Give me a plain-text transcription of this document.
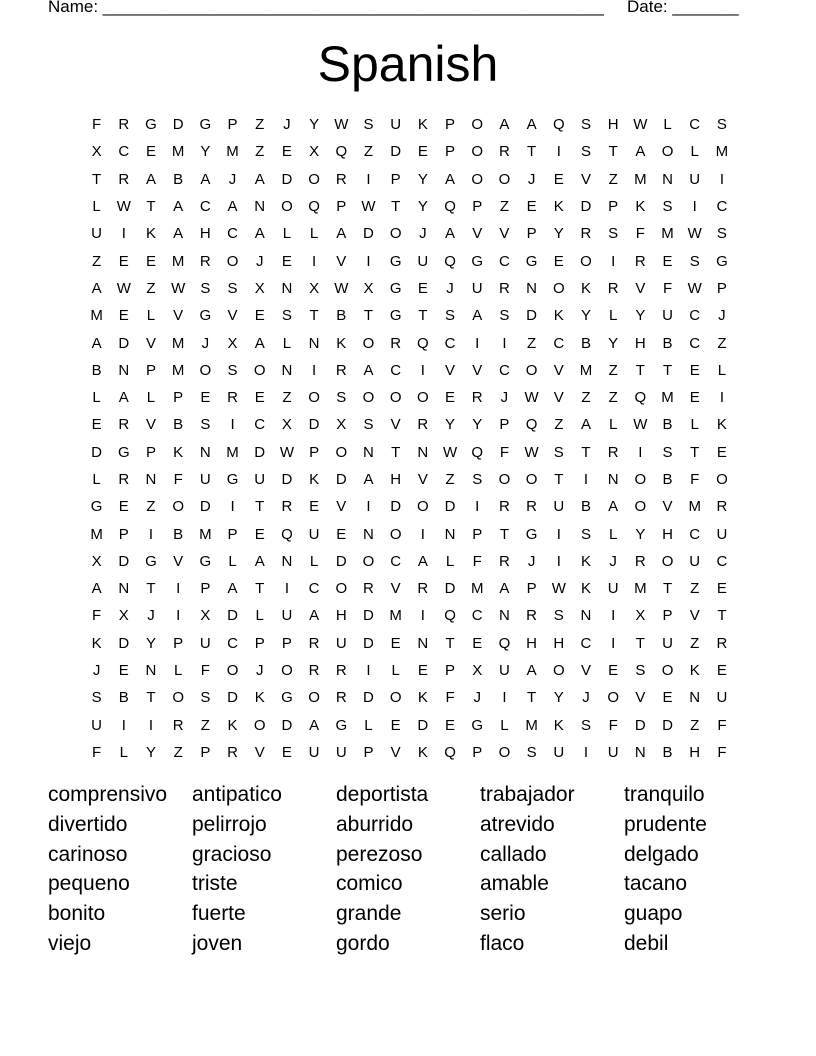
Name: _____________________________________________________ Date: _______
Spanish
F	R	G	D	G	P	Z	J	Y	W	S	U	K	P	O	A	A	Q	S	H W	L	C	S
X	C	E	M	Y	M	Z	E	X	Q	Z	D	E	P	O	R	T	I	S	T	A	O	L	M
T	R	A	B	A	J	A	D	O	R	I	P	Y	A	O	O	J	E	V	Z	M	N	U	I
L	W	T	A	C	A	N	O	Q	P	W	T	Y	Q	P	Z	E	K	D	P	K	S	I	C
U	I	K	A	H	C	A	L	L	A	D	O	J	A	V	V	P	Y	R	S	F	M W	S
Z	E	E	M	R	O	J	E	I	V	I	G	U	Q	G	C	G	E	O	I	R	E	S	G
A	W	Z	W	S	S	X	N	X	W	X	G	E	J	U	R	N	O	K	R	V	F	W	P
M	E	L	V	G	V	E	S	T	B	T	G	T	S	A	S	D	K	Y	L	Y	U	C	J
A	D	V	M	J	X	A	L	N	K	O	R	Q	C	I	I	Z	C	B	Y	H	B	C	Z
B	N	P	M	O	S	O	N	I	R	A	C	I	V	V	C	O	V	M	Z	T	T	E	L
L	A	L	P	E	R	E	Z	O	S	O	O	O	E	R	J	W	V	Z	Z	Q	M	E	I
E	R	V	B	S	I	C	X	D	X	S	V	R	Y	Y	P	Q	Z	A	L	W	B	L	K
D	G	P	K	N	M	D W	P	O	N	T	N W Q	F	W	S	T	R	I	S	T	E
L	R	N	F	U	G	U	D	K	D	A	H	V	Z	S	O	O	T	I	N	O	B	F	O
G	E	Z	O	D	I	T	R	E	V	I	D	O	D	I	R	R	U	B	A	O	V	M	R
M	P	I	B	M	P	E	Q	U	E	N	O	I	N	P	T	G	I	S	L	Y	H	C	U
X	D	G	V	G	L	A	N	L	D	O	C	A	L	F	R	J	I	K	J	R	O	U	C
A	N	T	I	P	A	T	I	C	O	R	V	R	D	M	A	P	W	K	U	M	T	Z	E
F	X	J	I	X	D	L	U	A	H	D	M	I	Q	C	N	R	S	N	I	X	P	V	T
K	D	Y	P	U	C	P	P	R	U	D	E	N	T	E	Q	H	H	C	I	T	U	Z	R
J	E	N	L	F	O	J	O	R	R	I	L	E	P	X	U	A	O	V	E	S	O	K	E
S	B	T	O	S	D	K	G	O	R	D	O	K	F	J	I	T	Y	J	O	V	E	N	U
U	I	I	R	Z	K	O	D	A	G	L	E	D	E	G	L	M	K	S	F	D	D	Z	F
F	L	Y	Z	P	R	V	E	U	U	P	V	K	Q	P	O	S	U	I	U	N	B	H	F
comprensivo	antipatico	deportista	trabajador	tranquilo
divertido	pelirrojo	aburrido	atrevido	prudente
carinoso	gracioso	perezoso	callado	delgado
pequeno	triste	comico	amable	tacano
bonito	fuerte	grande	serio	guapo
viejo	joven	gordo	flaco	debil
